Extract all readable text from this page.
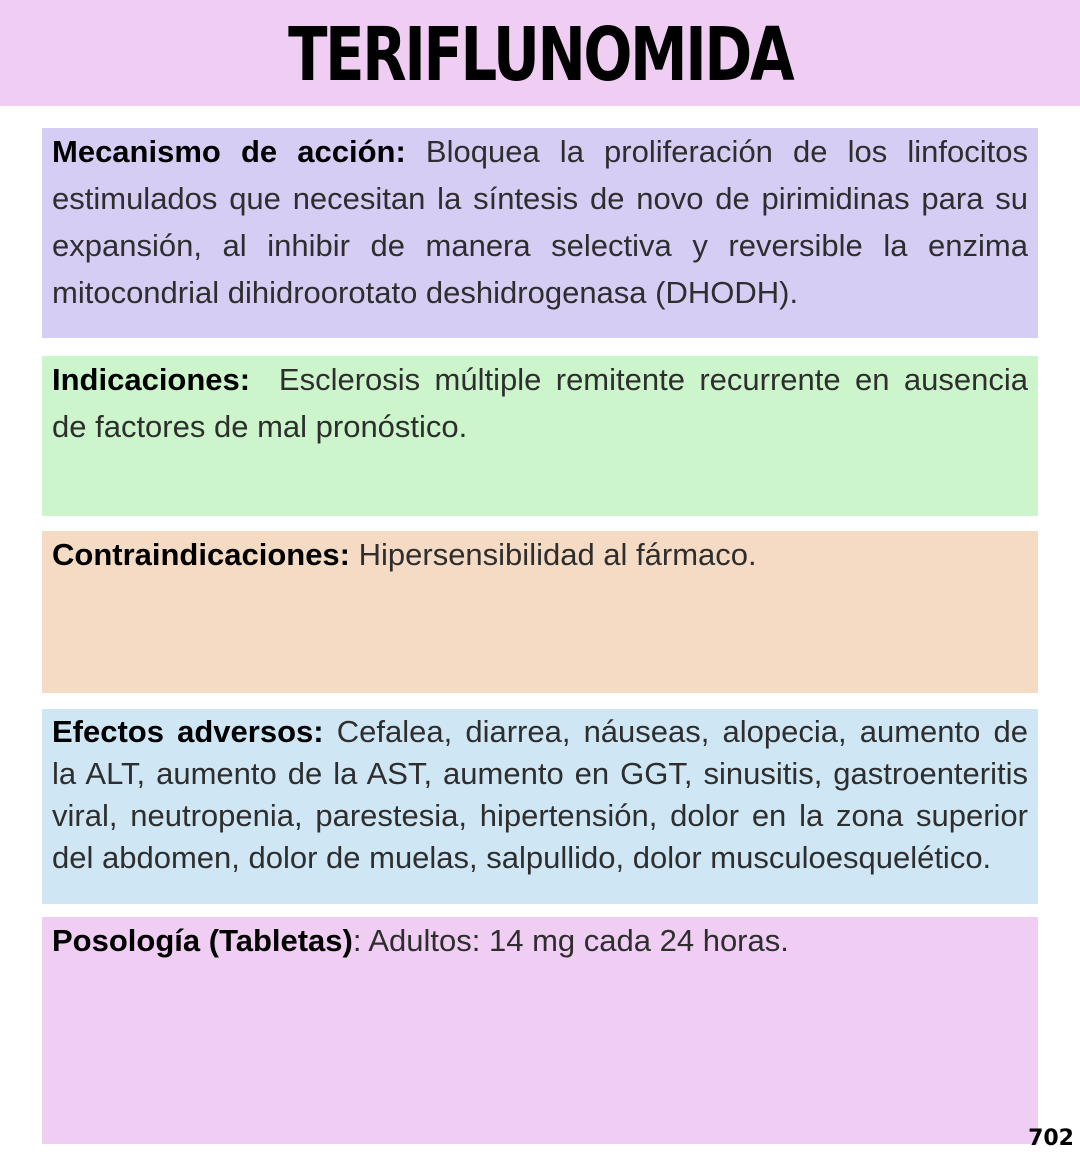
TERIFLUNOMIDA

Mecanismo de acción: Bloquea la proliferación de los linfocitos estimulados que necesitan la síntesis de novo de pirimidinas para su expansión, al inhibir de manera selectiva y reversible la enzima mitocondrial dihidroorotato deshidrogenasa (DHODH).

Indicaciones:  Esclerosis múltiple remitente recurrente en ausencia de factores de mal pronóstico.

Contraindicaciones: Hipersensibilidad al fármaco.

Efectos adversos: Cefalea, diarrea, náuseas, alopecia, aumento de la ALT, aumento de la AST, aumento en GGT, sinusitis, gastroenteritis viral, neutropenia, parestesia, hipertensión, dolor en la zona superior del abdomen, dolor de muelas, salpullido, dolor musculoesquelético.

Posología (Tabletas): Adultos: 14 mg cada 24 horas.

702
